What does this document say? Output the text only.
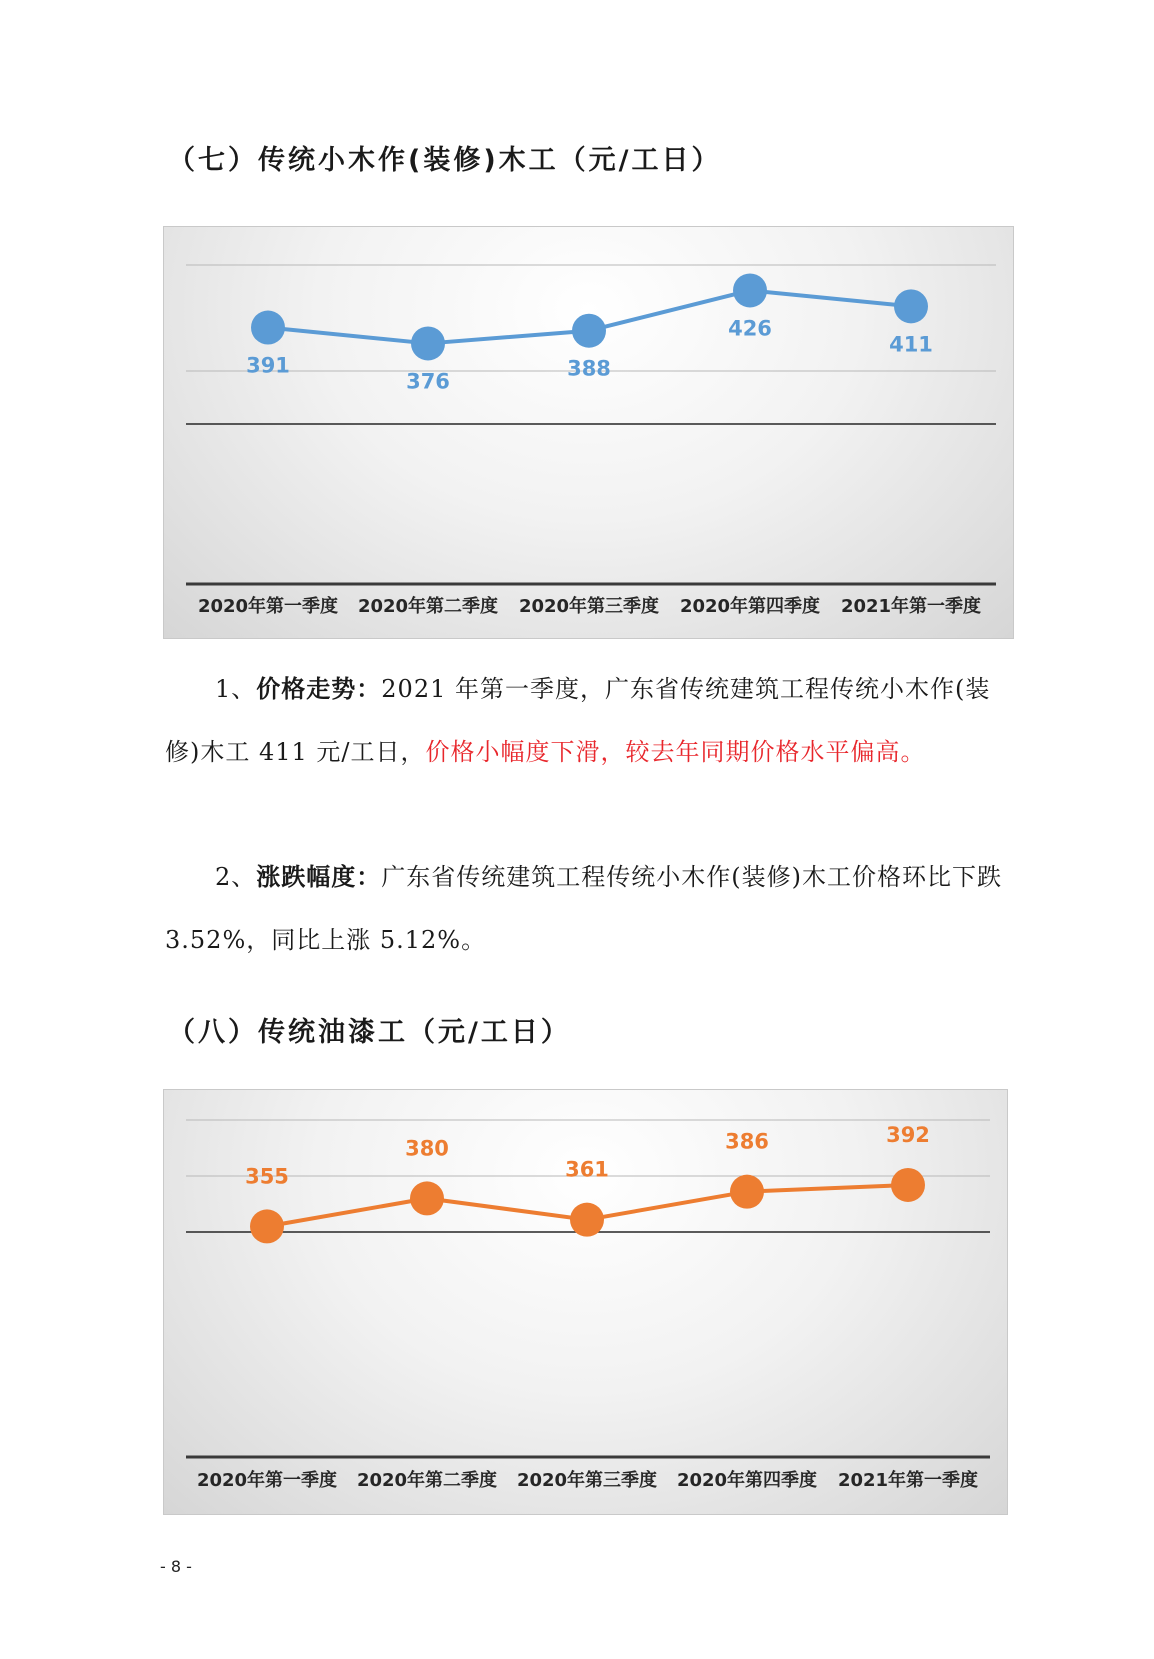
（七）传统小木作(装修)木工（元/工日）
2020年第一季度 2020年第二季度 2020年第三季度 2020年第四季度 2021年第一季度
391
376
388
426
411

1、价格走势：2021 年第一季度，广东省传统建筑工程传统小木作(装修)木工 411 元/工日，价格小幅度下滑，较去年同期价格水平偏高。

2、涨跌幅度：广东省传统建筑工程传统小木作(装修)木工价格环比下跌 3.52%，同比上涨 5.12%。

（八）传统油漆工（元/工日）
2020年第一季度 2020年第二季度 2020年第三季度 2020年第四季度 2021年第一季度
355
380
361
386	392
- 8 -
